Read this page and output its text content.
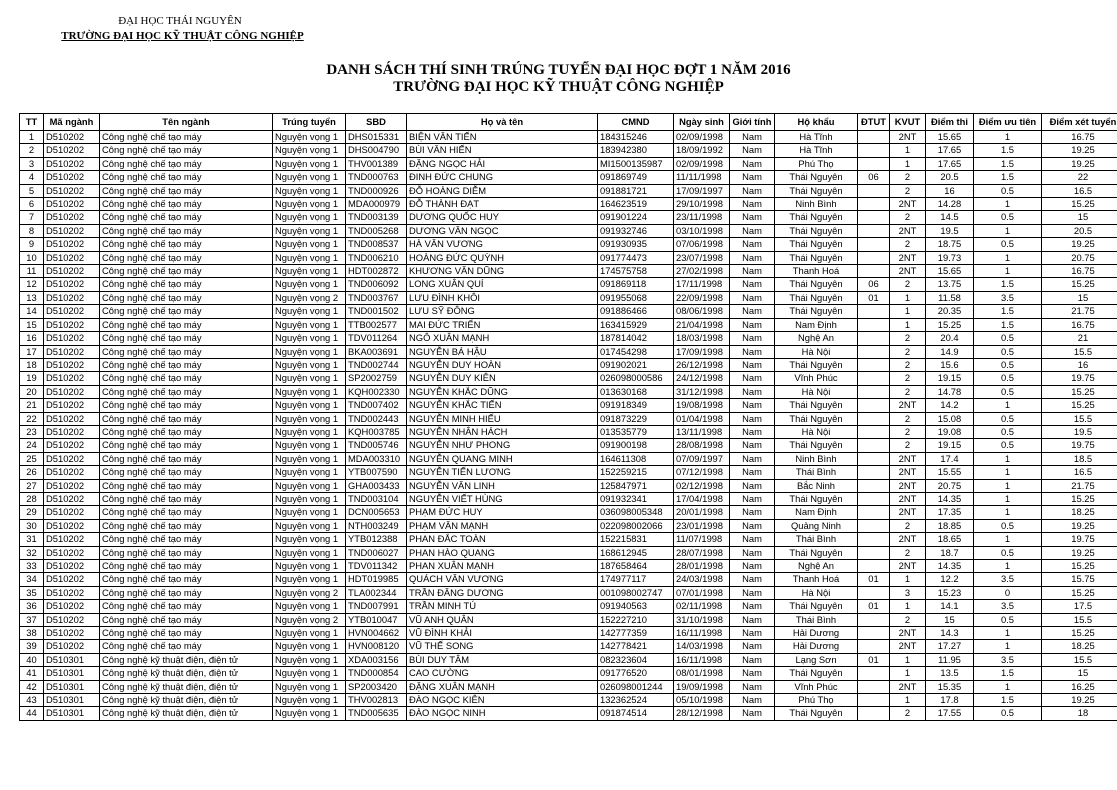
ĐẠI HỌC THÁI NGUYÊN
TRƯỜNG ĐẠI HỌC KỸ THUẬT CÔNG NGHIỆP
DANH SÁCH THÍ SINH TRÚNG TUYỂN ĐẠI HỌC ĐỢT 1 NĂM 2016
TRƯỜNG ĐẠI HỌC KỸ THUẬT CÔNG NGHIỆP
TT	Mã ngành	Tên ngành	Trúng tuyển	SBD	Họ và tên	CMND	Ngày sinh	Giới tính	Hộ khẩu	ĐTUT	KVUT	Điểm thi	Điểm ưu tiên	Điểm xét tuyển
1	D510202	Công nghệ chế tạo máy	Nguyện vọng 1	DHS015331	BIỆN VĂN TIẾN	184315246	02/09/1998	Nam	Hà Tĩnh		2NT	15.65	1	16.75
2	D510202	Công nghệ chế tạo máy	Nguyện vọng 1	DHS004790	BÙI VĂN HIẾN	183942380	18/09/1992	Nam	Hà Tĩnh		1	17.65	1.5	19.25
3	D510202	Công nghệ chế tạo máy	Nguyện vọng 1	THV001389	ĐẶNG NGỌC HẢI	MI1500135987	02/09/1998	Nam	Phú Thọ		1	17.65	1.5	19.25
4	D510202	Công nghệ chế tạo máy	Nguyện vọng 1	TND000763	ĐINH ĐỨC CHUNG	091869749	11/11/1998	Nam	Thái Nguyên	06	2	20.5	1.5	22
5	D510202	Công nghệ chế tạo máy	Nguyện vọng 1	TND000926	ĐỖ HOÀNG DIỄM	091881721	17/09/1997	Nam	Thái Nguyên		2	16	0.5	16.5
6	D510202	Công nghệ chế tạo máy	Nguyện vọng 1	MDA000979	ĐỖ THÀNH ĐẠT	164623519	29/10/1998	Nam	Ninh Bình		2NT	14.28	1	15.25
7	D510202	Công nghệ chế tạo máy	Nguyện vọng 1	TND003139	DƯƠNG QUỐC HUY	091901224	23/11/1998	Nam	Thái Nguyên		2	14.5	0.5	15
8	D510202	Công nghệ chế tạo máy	Nguyện vọng 1	TND005268	DƯƠNG VĂN NGỌC	091932746	03/10/1998	Nam	Thái Nguyên		2NT	19.5	1	20.5
9	D510202	Công nghệ chế tạo máy	Nguyện vọng 1	TND008537	HÀ VĂN VƯƠNG	091930935	07/06/1998	Nam	Thái Nguyên		2	18.75	0.5	19.25
10	D510202	Công nghệ chế tạo máy	Nguyện vọng 1	TND006210	HOÀNG ĐỨC QUỲNH	091774473	23/07/1998	Nam	Thái Nguyên		2NT	19.73	1	20.75
11	D510202	Công nghệ chế tạo máy	Nguyện vọng 1	HDT002872	KHƯƠNG VĂN DŨNG	174575758	27/02/1998	Nam	Thanh Hoá		2NT	15.65	1	16.75
12	D510202	Công nghệ chế tạo máy	Nguyện vọng 1	TND006092	LONG XUÂN QUÍ	091869118	17/11/1998	Nam	Thái Nguyên	06	2	13.75	1.5	15.25
13	D510202	Công nghệ chế tạo máy	Nguyện vọng 2	TND003767	LƯU ĐÌNH KHÔI	091955068	22/09/1998	Nam	Thái Nguyên	01	1	11.58	3.5	15
14	D510202	Công nghệ chế tạo máy	Nguyện vọng 1	TND001502	LƯU SỸ ĐÔNG	091886466	08/06/1998	Nam	Thái Nguyên		1	20.35	1.5	21.75
15	D510202	Công nghệ chế tạo máy	Nguyện vọng 1	TTB002577	MAI ĐỨC TRIỂN	163415929	21/04/1998	Nam	Nam Định		1	15.25	1.5	16.75
16	D510202	Công nghệ chế tạo máy	Nguyện vọng 1	TDV011264	NGÔ XUÂN MẠNH	187814042	18/03/1998	Nam	Nghệ An		2	20.4	0.5	21
17	D510202	Công nghệ chế tạo máy	Nguyện vọng 1	BKA003691	NGUYỄN BÁ HẬU	017454298	17/09/1998	Nam	Hà Nội		2	14.9	0.5	15.5
18	D510202	Công nghệ chế tạo máy	Nguyện vọng 1	TND002744	NGUYỄN DUY HOÀN	091902021	26/12/1998	Nam	Thái Nguyên		2	15.6	0.5	16
19	D510202	Công nghệ chế tạo máy	Nguyện vọng 1	SP2002759	NGUYỄN DUY KIÊN	026098000586	24/12/1998	Nam	Vĩnh Phúc		2	19.15	0.5	19.75
20	D510202	Công nghệ chế tạo máy	Nguyện vọng 1	KQH002330	NGUYỄN KHẮC DŨNG	013630168	31/12/1998	Nam	Hà Nội		2	14.78	0.5	15.25
21	D510202	Công nghệ chế tạo máy	Nguyện vọng 1	TND007402	NGUYỄN KHẮC TIẾN	091918349	19/08/1998	Nam	Thái Nguyên		2NT	14.2	1	15.25
22	D510202	Công nghệ chế tạo máy	Nguyện vọng 1	TND002443	NGUYỄN MINH HIẾU	091873229	01/04/1998	Nam	Thái Nguyên		2	15.08	0.5	15.5
23	D510202	Công nghệ chế tạo máy	Nguyện vọng 1	KQH003785	NGUYỄN NHÂN HÁCH	013535779	13/11/1998	Nam	Hà Nội		2	19.08	0.5	19.5
24	D510202	Công nghệ chế tạo máy	Nguyện vọng 1	TND005746	NGUYỄN NHƯ PHONG	091900198	28/08/1998	Nam	Thái Nguyên		2	19.15	0.5	19.75
25	D510202	Công nghệ chế tạo máy	Nguyện vọng 1	MDA003310	NGUYỄN QUANG MINH	164611308	07/09/1997	Nam	Ninh Bình		2NT	17.4	1	18.5
26	D510202	Công nghệ chế tạo máy	Nguyện vọng 1	YTB007590	NGUYỄN TIẾN LƯƠNG	152259215	07/12/1998	Nam	Thái Bình		2NT	15.55	1	16.5
27	D510202	Công nghệ chế tạo máy	Nguyện vọng 1	GHA003433	NGUYỄN VĂN LINH	125847971	02/12/1998	Nam	Bắc Ninh		2NT	20.75	1	21.75
28	D510202	Công nghệ chế tạo máy	Nguyện vọng 1	TND003104	NGUYỄN VIẾT HÙNG	091932341	17/04/1998	Nam	Thái Nguyên		2NT	14.35	1	15.25
29	D510202	Công nghệ chế tạo máy	Nguyện vọng 1	DCN005653	PHẠM ĐỨC HUY	036098005348	20/01/1998	Nam	Nam Định		2NT	17.35	1	18.25
30	D510202	Công nghệ chế tạo máy	Nguyện vọng 1	NTH003249	PHẠM VĂN MẠNH	022098002066	23/01/1998	Nam	Quảng Ninh		2	18.85	0.5	19.25
31	D510202	Công nghệ chế tạo máy	Nguyện vọng 1	YTB012388	PHAN ĐẮC TOÀN	152215831	11/07/1998	Nam	Thái Bình		2NT	18.65	1	19.75
32	D510202	Công nghệ chế tạo máy	Nguyện vọng 1	TND006027	PHAN HÀO QUANG	168612945	28/07/1998	Nam	Thái Nguyên		2	18.7	0.5	19.25
33	D510202	Công nghệ chế tạo máy	Nguyện vọng 1	TDV011342	PHAN XUÂN MẠNH	187658464	28/01/1998	Nam	Nghệ An		2NT	14.35	1	15.25
34	D510202	Công nghệ chế tạo máy	Nguyện vọng 1	HDT019985	QUÁCH VĂN VƯƠNG	174977117	24/03/1998	Nam	Thanh Hoá	01	1	12.2	3.5	15.75
35	D510202	Công nghệ chế tạo máy	Nguyện vọng 2	TLA002344	TRẦN ĐĂNG DƯƠNG	001098002747	07/01/1998	Nam	Hà Nội		3	15.23	0	15.25
36	D510202	Công nghệ chế tạo máy	Nguyện vọng 1	TND007991	TRẦN MINH TÚ	091940563	02/11/1998	Nam	Thái Nguyên	01	1	14.1	3.5	17.5
37	D510202	Công nghệ chế tạo máy	Nguyện vọng 2	YTB010047	VŨ ANH QUÂN	152227210	31/10/1998	Nam	Thái Bình		2	15	0.5	15.5
38	D510202	Công nghệ chế tạo máy	Nguyện vọng 1	HVN004662	VŨ ĐÌNH KHẢI	142777359	16/11/1998	Nam	Hải Dương		2NT	14.3	1	15.25
39	D510202	Công nghệ chế tạo máy	Nguyện vọng 1	HVN008120	VŨ THẾ SONG	142778421	14/03/1998	Nam	Hải Dương		2NT	17.27	1	18.25
40	D510301	Công nghệ kỹ thuật điện, điện tử	Nguyện vọng 1	XDA003156	BÙI DUY TÂM	082323604	16/11/1998	Nam	Lạng Sơn	01	1	11.95	3.5	15.5
41	D510301	Công nghệ kỹ thuật điện, điện tử	Nguyện vọng 1	TND000854	CAO CƯỜNG	091776520	08/01/1998	Nam	Thái Nguyên		1	13.5	1.5	15
42	D510301	Công nghệ kỹ thuật điện, điện tử	Nguyện vọng 1	SP2003420	ĐẶNG XUÂN MẠNH	026098001244	19/09/1998	Nam	Vĩnh Phúc		2NT	15.35	1	16.25
43	D510301	Công nghệ kỹ thuật điện, điện tử	Nguyện vọng 1	THV002813	ĐÀO NGỌC KIÊN	132362524	05/10/1998	Nam	Phú Thọ		1	17.8	1.5	19.25
44	D510301	Công nghệ kỹ thuật điện, điện tử	Nguyện vọng 1	TND005635	ĐÀO NGỌC NINH	091874514	28/12/1998	Nam	Thái Nguyên		2	17.55	0.5	18
